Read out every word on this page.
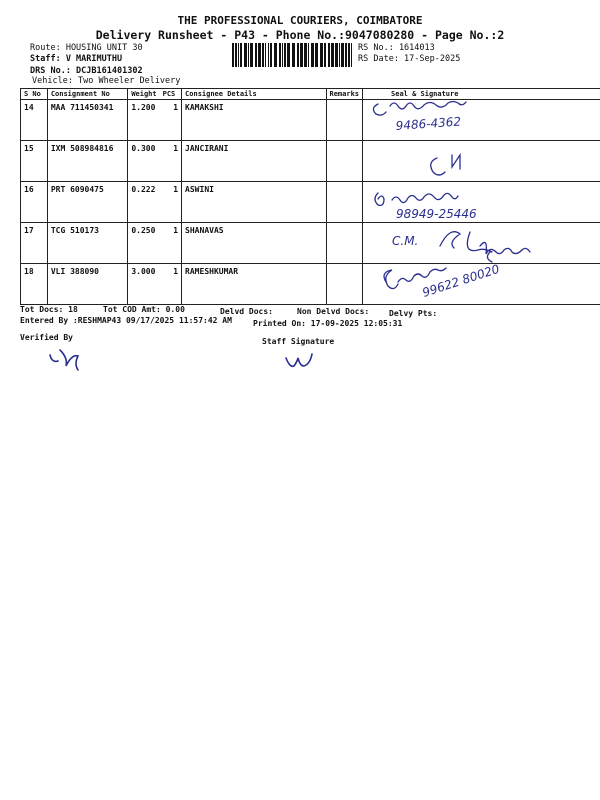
THE PROFESSIONAL COURIERS, COIMBATORE
Delivery Runsheet - P43 - Phone No.:9047080280 - Page No.:2
Route: HOUSING UNIT 30
Staff: V MARIMUTHU
DRS No.: DCJB161401302
Vehicle: Two Wheeler Delivery
RS No.: 1614013
RS Date: 17-Sep-2025
S No	Consignment No	Weight	PCS	Consignee Details	Remarks	Seal & Signature
14	MAA 711450341	1.200	1	KAMAKSHI		
15	IXM 508984816	0.300	1	JANCIRANI		
16	PRT 6090475	0.222	1	ASWINI		
17	TCG 510173	0.250	1	SHANAVAS		
18	VLI 388090	3.000	1	RAMESHKUMAR		
9486-4362
98949-25446
C.M.
99622 80020
Tot Docs: 18	Tot COD Amt: 0.00	Delvd Docs:	Non Delvd Docs: Delvy Pts:
Entered By :RESHMAP43 09/17/2025 11:57:42 AM	Printed On: 17-09-2025 12:05:31
Verified By	Staff Signature
